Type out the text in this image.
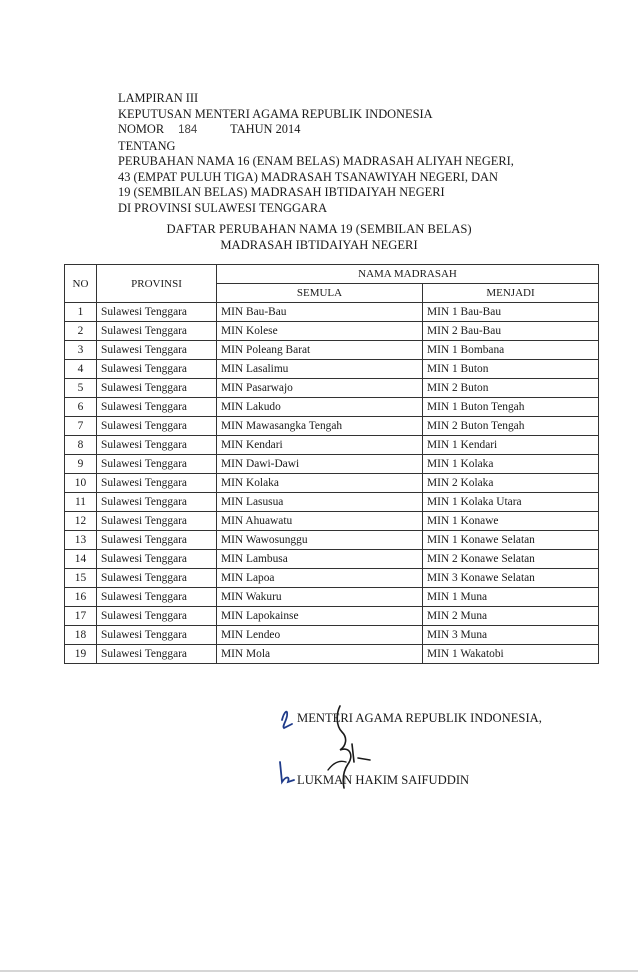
LAMPIRAN III
KEPUTUSAN MENTERI AGAMA REPUBLIK INDONESIA
NOMOR 184	TAHUN 2014
TENTANG
PERUBAHAN NAMA 16 (ENAM BELAS) MADRASAH ALIYAH NEGERI,
43 (EMPAT PULUH TIGA) MADRASAH TSANAWIYAH NEGERI, DAN
19 (SEMBILAN BELAS) MADRASAH IBTIDAIYAH NEGERI
DI PROVINSI SULAWESI TENGGARA
DAFTAR PERUBAHAN NAMA 19 (SEMBILAN BELAS)
MADRASAH IBTIDAIYAH NEGERI
NO	PROVINSI	NAMA MADRASAH	
		SEMULA	MENJADI
1	Sulawesi Tenggara	MIN Bau-Bau	MIN 1 Bau-Bau
2	Sulawesi Tenggara	MIN Kolese	MIN 2 Bau-Bau
3	Sulawesi Tenggara	MIN Poleang Barat	MIN 1 Bombana
4	Sulawesi Tenggara	MIN Lasalimu	MIN 1 Buton
5	Sulawesi Tenggara	MIN Pasarwajo	MIN 2 Buton
6	Sulawesi Tenggara	MIN Lakudo	MIN 1 Buton Tengah
7	Sulawesi Tenggara	MIN Mawasangka Tengah	MIN 2 Buton Tengah
8	Sulawesi Tenggara	MIN Kendari	MIN 1 Kendari
9	Sulawesi Tenggara	MIN Dawi-Dawi	MIN 1 Kolaka
10	Sulawesi Tenggara	MIN Kolaka	MIN 2 Kolaka
11	Sulawesi Tenggara	MIN Lasusua	MIN 1 Kolaka Utara
12	Sulawesi Tenggara	MIN Ahuawatu	MIN 1 Konawe
13	Sulawesi Tenggara	MIN Wawosunggu	MIN 1 Konawe Selatan
14	Sulawesi Tenggara	MIN Lambusa	MIN 2 Konawe Selatan
15	Sulawesi Tenggara	MIN Lapoa	MIN 3 Konawe Selatan
16	Sulawesi Tenggara	MIN Wakuru	MIN 1 Muna
17	Sulawesi Tenggara	MIN Lapokainse	MIN 2 Muna
18	Sulawesi Tenggara	MIN Lendeo	MIN 3 Muna
19	Sulawesi Tenggara	MIN Mola	MIN 1 Wakatobi
MENTERI AGAMA REPUBLIK INDONESIA,
LUKMAN HAKIM SAIFUDDIN
